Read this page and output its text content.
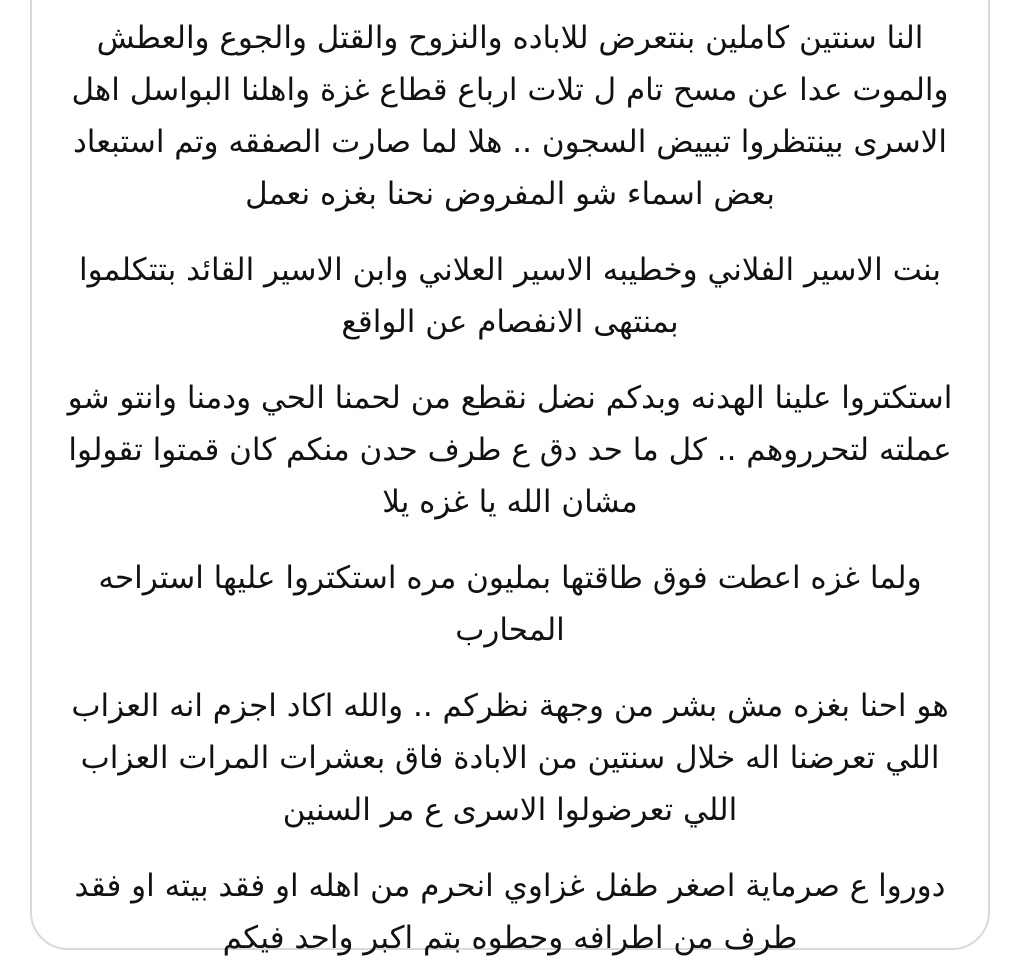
النا سنتين كاملين بنتعرض للاباده والنزوح والقتل والجوع والعطش والموت عدا عن مسح تام ل تلات ارباع قطاع غزة واهلنا البواسل اهل الاسرى بينتظروا تبييض السجون .. هلا لما صارت الصفقه وتم استبعاد بعض اسماء شو المفروض نحنا بغزه نعمل

بنت الاسير الفلاني وخطيبه الاسير العلاني وابن الاسير القائد بتتكلموا بمنتهى الانفصام عن الواقع

استكتروا علينا الهدنه وبدكم نضل نقطع من لحمنا الحي ودمنا وانتو شو عملته لتحرروهم .. كل ما حد دق ع طرف حدن منكم كان قمتوا تقولوا مشان الله يا غزه يلا

ولما غزه اعطت فوق طاقتها بمليون مره استكتروا عليها استراحه المحارب

هو احنا بغزه مش بشر من وجهة نظركم .. والله اكاد اجزم انه العزاب اللي تعرضنا اله خلال سنتين من الابادة فاق بعشرات المرات العزاب اللي تعرضولوا الاسرى ع مر السنين

دوروا ع صرماية اصغر طفل غزاوي انحرم من اهله او فقد بيته او فقد طرف من اطرافه وحطوه بتم اكبر واحد فيكم
